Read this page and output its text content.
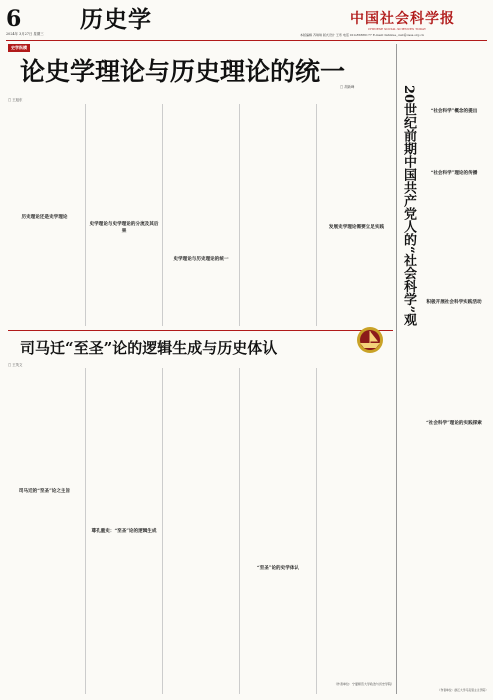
6
2024年 3月27日 星期三
历史学	中国社会科学报
CHINESE SOCIAL SCIENCES TODAY
本版编辑 齐琪琪 版式设计 王奇 电话 010-85886177 E-mail: lishixue_csst@cass.org.cn
史学纵横
论史学理论与历史理论的统一
□ 王旭东
历史理论还是史学理论
史学理论与史学理论的分流及其后果
史学理论与历史理论的统一
发展史学理论需要立足实践
司马迁“至圣”论的逻辑生成与历史体认
□ 王茂文
司马迁的“至圣”论之主旨
尊孔重史：“至圣”论的逻辑生成
“至圣”论的史学体认
（作者单位：宁夏师范大学政治与历史学院）
20世纪前期中国共产党人的“社会科学”观
□ 胡新峰
“社会科学”概念的提出
积极开展社会科学实践活动
（作者单位：浙江大学马克思主义学院）
“社会科学”理论的传播
“社会科学”理论的实践探索
